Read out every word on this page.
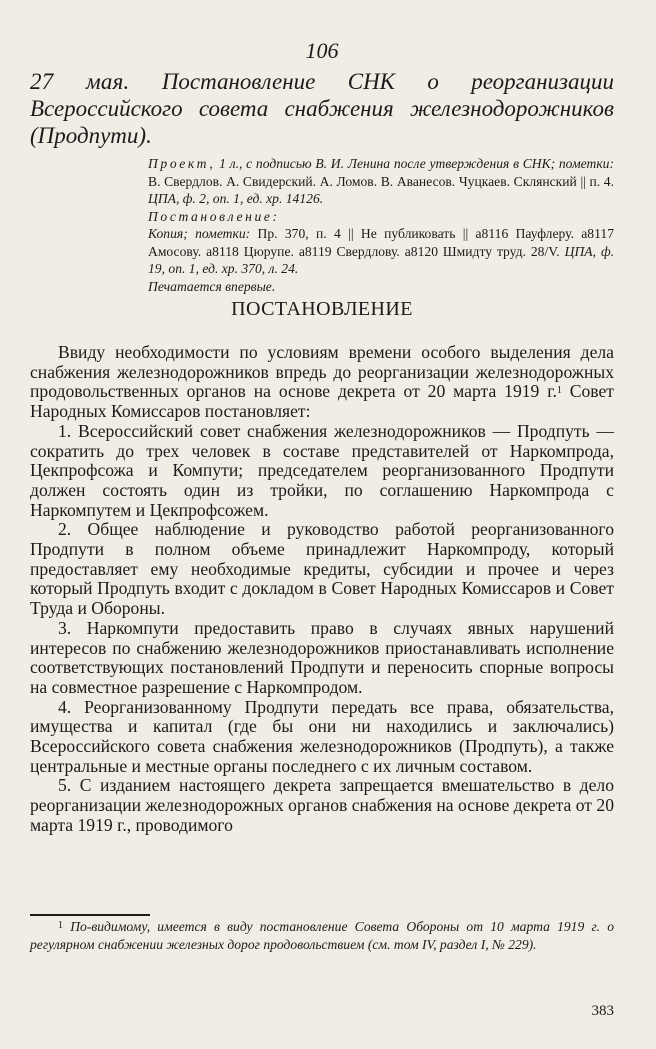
106
27 мая. Постановление СНК о реорганизации Всероссийского совета снабжения железнодорожников (Продпути).

Проект, 1 л., с подписью В. И. Ленина после утверждения в СНК; пометки: В. Свердлов. А. Свидерский. А. Ломов. В. Аванесов. Чуцкаев. Склянский || п. 4. ЦПА, ф. 2, оп. 1, ед. хр. 14126.

Постановление:

Копия; пометки: Пр. 370, п. 4 || Не публиковать || а8116 Пауфлеру. а8117 Амосову. а8118 Цюрупе. а8119 Свердлову. а8120 Шмидту труд. 28/V. ЦПА, ф. 19, оп. 1, ед. хр. 370, л. 24.

Печатается впервые.

ПОСТАНОВЛЕНИЕ

Ввиду необходимости по условиям времени особого выделения дела снабжения железнодорожников впредь до реорганизации железнодорожных продовольственных органов на основе декрета от 20 марта 1919 г.$^1$ Совет Народных Комиссаров постановляет:

1. Всероссийский совет снабжения железнодорожников — Продпуть — сократить до трех человек в составе представителей от Наркомпрода, Цекпрофсожа и Компути; председателем реорганизованного Продпути должен состоять один из тройки, по соглашению Наркомпрода с Наркомпутем и Цекпрофсожем.

2. Общее наблюдение и руководство работой реорганизованного Продпути в полном объеме принадлежит Наркомпроду, который предоставляет ему необходимые кредиты, субсидии и прочее и через который Продпуть входит с докладом в Совет Народных Комиссаров и Совет Труда и Обороны.

3. Наркомпути предоставить право в случаях явных нарушений интересов по снабжению железнодорожников приостанавливать исполнение соответствующих постановлений Продпути и переносить спорные вопросы на совместное разрешение с Наркомпродом.

4. Реорганизованному Продпути передать все права, обязательства, имущества и капитал (где бы они ни находились и заключались) Всероссийского совета снабжения железнодорожников (Продпуть), а также центральные и местные органы последнего с их личным составом.

5. С изданием настоящего декрета запрещается вмешательство в дело реорганизации железнодорожных органов снабжения на основе декрета от 20 марта 1919 г., проводимого

$^1$ По-видимому, имеется в виду постановление Совета Обороны от 10 марта 1919 г. о регулярном снабжении железных дорог продовольствием (см. том IV, раздел I, № 229).

383
